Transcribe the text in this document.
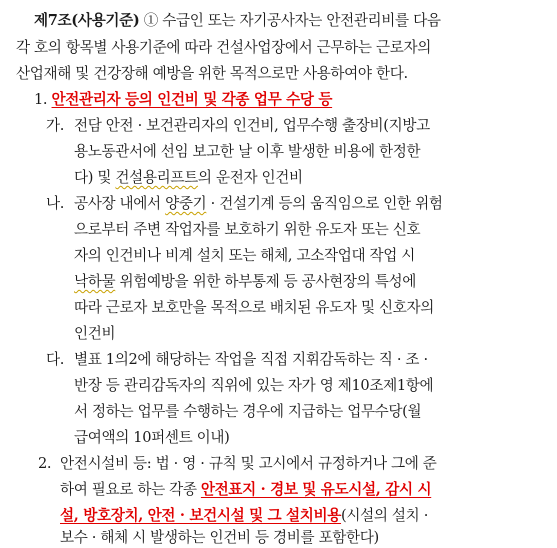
제7조(사용기준) ① 수급인 또는 자기공사자는 안전관리비를 다음
각 호의 항목별 사용기준에 따라 건설사업장에서 근무하는 근로자의
산업재해 및 건강장해 예방을 위한 목적으로만 사용하여야 한다.
1. 안전관리자 등의 인건비 및 각종 업무 수당 등
가. 전담 안전 · 보건관리자의 인건비, 업무수행 출장비(지방고
용노동관서에 선임 보고한 날 이후 발생한 비용에 한정한
다) 및 건설용리프트의 운전자 인건비
나. 공사장 내에서 양중기 · 건설기계 등의 움직임으로 인한 위험
으로부터 주변 작업자를 보호하기 위한 유도자 또는 신호
자의 인건비나 비계 설치 또는 해체, 고소작업대 작업 시
낙하물 위험예방을 위한 하부통제 등 공사현장의 특성에
따라 근로자 보호만을 목적으로 배치된 유도자 및 신호자의
인건비
다. 별표 1의2에 해당하는 작업을 직접 지휘감독하는 직 · 조 ·
반장 등 관리감독자의 직위에 있는 자가 영 제10조제1항에
서 정하는 업무를 수행하는 경우에 지급하는 업무수당(월
급여액의 10퍼센트 이내)
2. 안전시설비 등: 법 · 영 · 규칙 및 고시에서 규정하거나 그에 준
하여 필요로 하는 각종 안전표지 · 경보 및 유도시설, 감시 시
설, 방호장치, 안전 · 보건시설 및 그 설치비용(시설의 설치 ·
보수 · 해체 시 발생하는 인건비 등 경비를 포함한다)
